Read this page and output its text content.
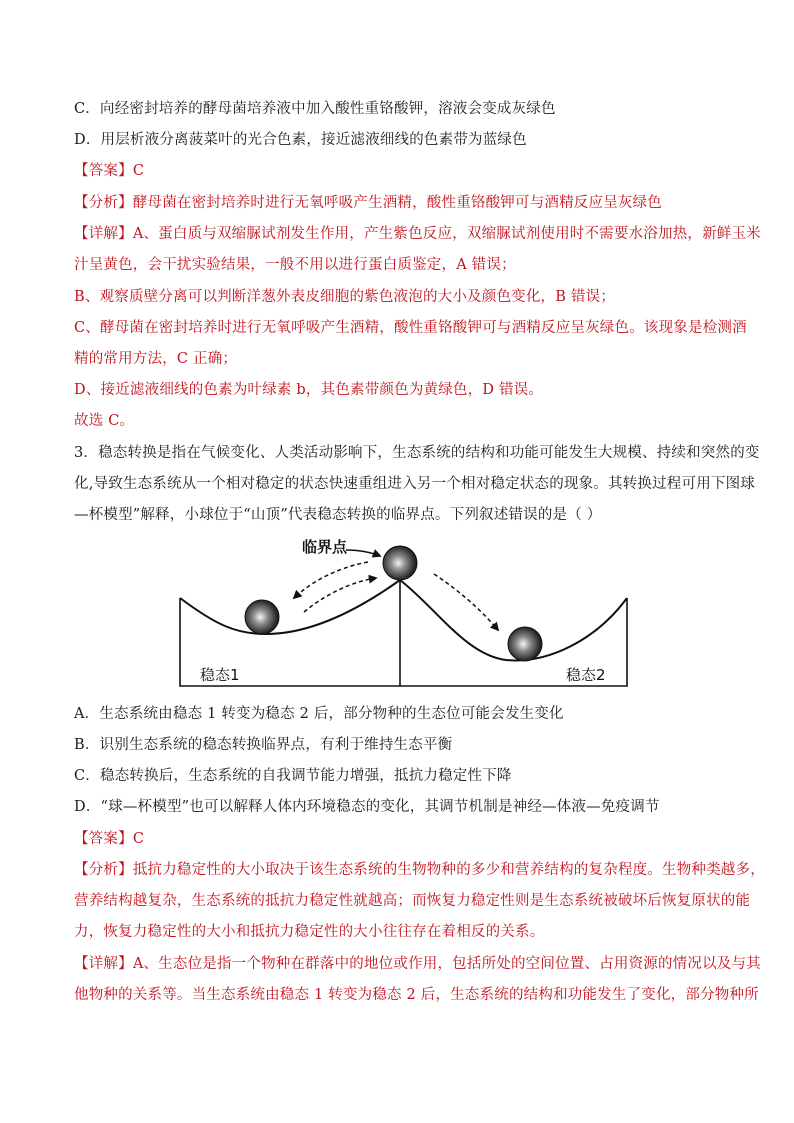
C．向经密封培养的酵母菌培养液中加入酸性重铬酸钾，溶液会变成灰绿色
D．用层析液分离菠菜叶的光合色素，接近滤液细线的色素带为蓝绿色
【答案】C
【分析】酵母菌在密封培养时进行无氧呼吸产生酒精，酸性重铬酸钾可与酒精反应呈灰绿色
【详解】A、蛋白质与双缩脲试剂发生作用，产生紫色反应，双缩脲试剂使用时不需要水浴加热，新鲜玉米
汁呈黄色，会干扰实验结果，一般不用以进行蛋白质鉴定，A 错误；
B、观察质壁分离可以判断洋葱外表皮细胞的紫色液泡的大小及颜色变化，B 错误；
C、酵母菌在密封培养时进行无氧呼吸产生酒精，酸性重铬酸钾可与酒精反应呈灰绿色。该现象是检测酒
精的常用方法，C 正确；
D、接近滤液细线的色素为叶绿素 b，其色素带颜色为黄绿色，D 错误。
故选 C。
3．稳态转换是指在气候变化、人类活动影响下，生态系统的结构和功能可能发生大规模、持续和突然的变
化,导致生态系统从一个相对稳定的状态快速重组进入另一个相对稳定状态的现象。其转换过程可用下图球
—杯模型”解释，小球位于“山顶”代表稳态转换的临界点。下列叙述错误的是（ ）
临界点
稳态1	稳态2
A．生态系统由稳态 1 转变为稳态 2 后，部分物种的生态位可能会发生变化
B．识别生态系统的稳态转换临界点，有利于维持生态平衡
C．稳态转换后，生态系统的自我调节能力增强，抵抗力稳定性下降
D．“球—杯模型”也可以解释人体内环境稳态的变化，其调节机制是神经—体液—免疫调节
【答案】C
【分析】抵抗力稳定性的大小取决于该生态系统的生物物种的多少和营养结构的复杂程度。生物种类越多，
营养结构越复杂，生态系统的抵抗力稳定性就越高；而恢复力稳定性则是生态系统被破坏后恢复原状的能
力，恢复力稳定性的大小和抵抗力稳定性的大小往往存在着相反的关系。
【详解】A、生态位是指一个物种在群落中的地位或作用，包括所处的空间位置、占用资源的情况以及与其
他物种的关系等。当生态系统由稳态 1 转变为稳态 2 后，生态系统的结构和功能发生了变化，部分物种所
